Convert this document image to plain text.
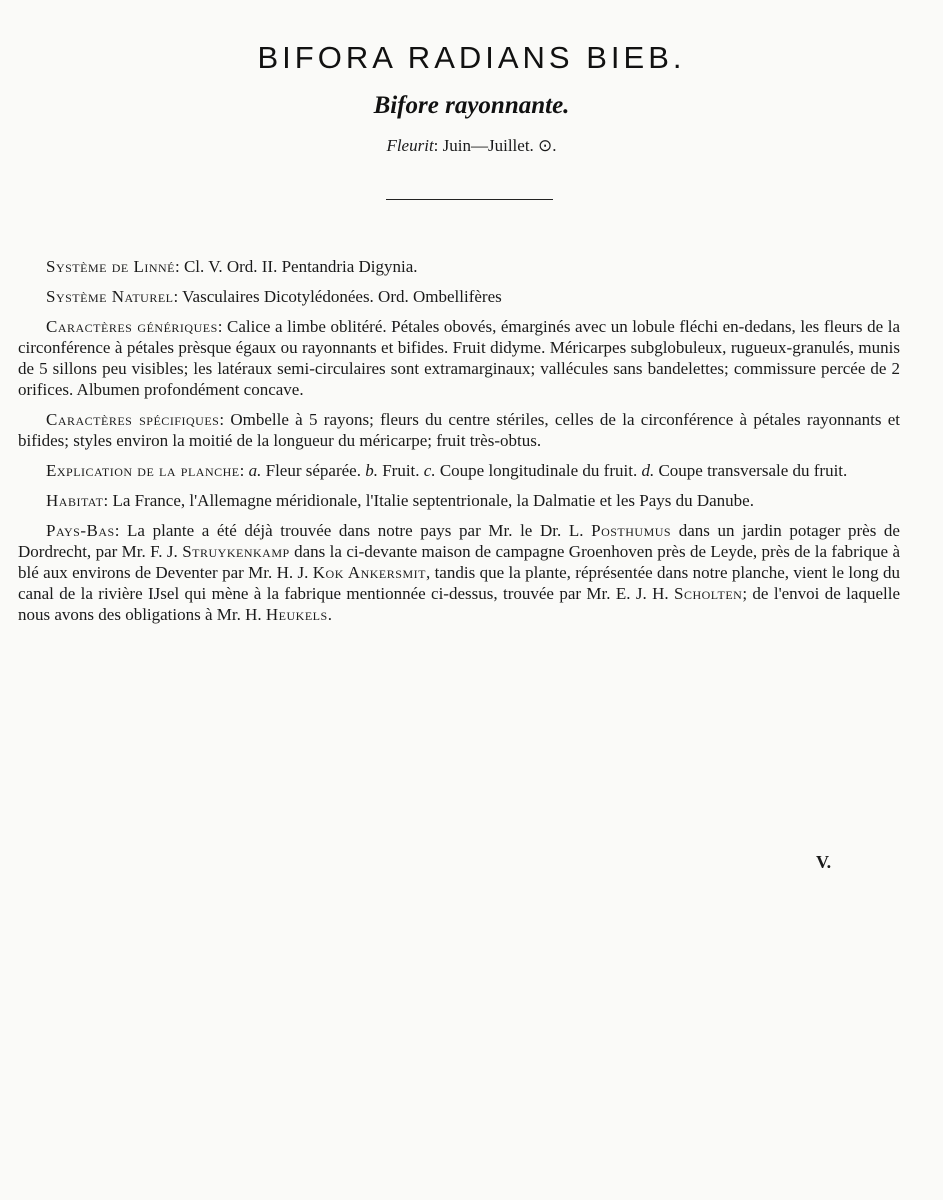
BIFORA RADIANS BIEB.
Bifore rayonnante.
Fleurit: Juin—Juillet. ⊙.

Système de Linné: Cl. V. Ord. II. Pentandria Digynia.

Système Naturel: Vasculaires Dicotylédonées. Ord. Ombellifères

Caractères génériques: Calice a limbe oblitéré. Pétales obovés, émarginés avec un lobule fléchi en-dedans, les fleurs de la circonférence à pétales prèsque égaux ou rayonnants et bifides. Fruit didyme. Méricarpes subglobuleux, rugueux-granulés, munis de 5 sillons peu visibles; les latéraux semi-circulaires sont extramarginaux; vallécules sans bandelettes; commissure percée de 2 orifices. Albumen profondément concave.

Caractères spécifiques: Ombelle à 5 rayons; fleurs du centre stériles, celles de la circonférence à pétales rayonnants et bifides; styles environ la moitié de la longueur du méricarpe; fruit très-obtus.

Explication de la planche: a. Fleur séparée. b. Fruit. c. Coupe longitudinale du fruit. d. Coupe transversale du fruit.

Habitat: La France, l'Allemagne méridionale, l'Italie septentrionale, la Dalmatie et les Pays du Danube.

Pays-Bas: La plante a été déjà trouvée dans notre pays par Mr. le Dr. L. Posthumus dans un jardin potager près de Dordrecht, par Mr. F. J. Struykenkamp dans la ci-devante maison de campagne Groenhoven près de Leyde, près de la fabrique à blé aux environs de Deventer par Mr. H. J. Kok Ankersmit, tandis que la plante, réprésentée dans notre planche, vient le long du canal de la rivière IJsel qui mène à la fabrique mentionnée ci-dessus, trouvée par Mr. E. J. H. Scholten; de l'envoi de laquelle nous avons des obligations à Mr. H. Heukels.

V.
